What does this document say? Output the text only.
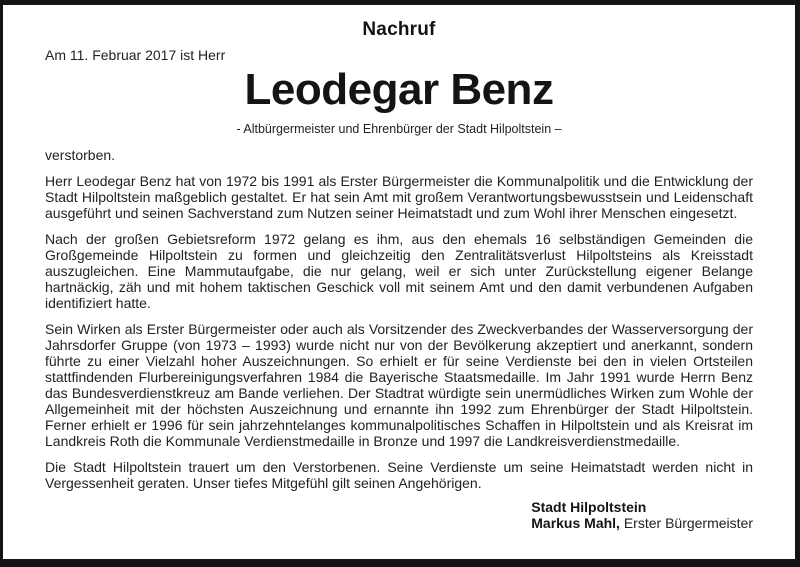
Nachruf
Am 11. Februar 2017 ist Herr
Leodegar Benz
- Altbürgermeister und Ehrenbürger der Stadt Hilpoltstein –
verstorben.

Herr Leodegar Benz hat von 1972 bis 1991 als Erster Bürgermeister die Kommunalpolitik und die Entwicklung der Stadt Hilpoltstein maßgeblich gestaltet. Er hat sein Amt mit großem Verantwortungsbewusstsein und Leidenschaft ausgeführt und seinen Sachverstand zum Nutzen seiner Heimatstadt und zum Wohl ihrer Menschen eingesetzt.

Nach der großen Gebietsreform 1972 gelang es ihm, aus den ehemals 16 selbständigen Gemeinden die Großgemeinde Hilpoltstein zu formen und gleichzeitig den Zentralitätsverlust Hilpoltsteins als Kreisstadt auszugleichen. Eine Mammutaufgabe, die nur gelang, weil er sich unter Zurückstellung eigener Belange hartnäckig, zäh und mit hohem taktischen Geschick voll mit seinem Amt und den damit verbundenen Aufgaben identifiziert hatte.

Sein Wirken als Erster Bürgermeister oder auch als Vorsitzender des Zweckverbandes der Wasserversorgung der Jahrsdorfer Gruppe (von 1973 – 1993) wurde nicht nur von der Bevölkerung akzeptiert und anerkannt, sondern führte zu einer Vielzahl hoher Auszeichnungen. So erhielt er für seine Verdienste bei den in vielen Ortsteilen stattfindenden Flurbereinigungsverfahren 1984 die Bayerische Staatsmedaille. Im Jahr 1991 wurde Herrn Benz das Bundesverdienstkreuz am Bande verliehen. Der Stadtrat würdigte sein unermüdliches Wirken zum Wohle der Allgemeinheit mit der höchsten Auszeichnung und ernannte ihn 1992 zum Ehrenbürger der Stadt Hilpoltstein. Ferner erhielt er 1996 für sein jahrzehntelanges kommunalpolitisches Schaffen in Hilpoltstein und als Kreisrat im Landkreis Roth die Kommunale Verdienstmedaille in Bronze und 1997 die Landkreisverdienstmedaille.

Die Stadt Hilpoltstein trauert um den Verstorbenen. Seine Verdienste um seine Heimatstadt werden nicht in Vergessenheit geraten. Unser tiefes Mitgefühl gilt seinen Angehörigen.

Stadt Hilpoltstein
Markus Mahl, Erster Bürgermeister
